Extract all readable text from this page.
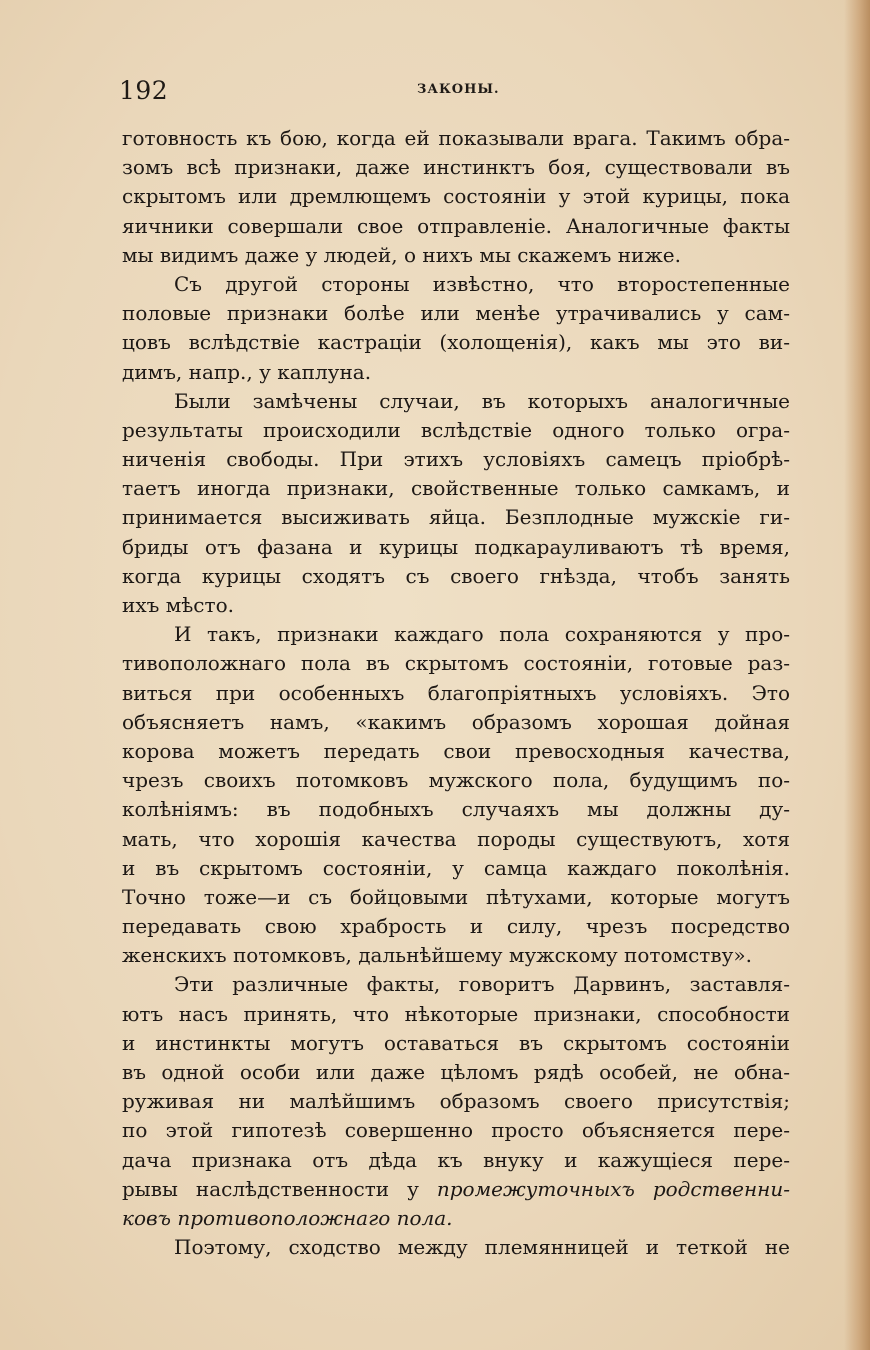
192	ЗАКОНЫ.
готовность къ бою, когда ей показывали врага. Такимъ обра-
зомъ всѣ признаки, даже инстинктъ боя, существовали въ
скрытомъ или дремлющемъ состояніи у этой курицы, пока
яичники совершали свое отправленіе. Аналогичные факты
мы видимъ даже у людей, о нихъ мы скажемъ ниже.
Съ другой стороны извѣстно, что второстепенные
половые признаки болѣе или менѣе утрачивались у сам-
цовъ вслѣдствіе кастраціи (холощенія), какъ мы это ви-
димъ, напр., у каплуна.
Были замѣчены случаи, въ которыхъ аналогичные
результаты происходили вслѣдствіе одного только огра-
ниченія свободы. При этихъ условіяхъ самецъ пріобрѣ-
таетъ иногда признаки, свойственные только самкамъ, и
принимается высиживать яйца. Безплодные мужскіе ги-
бриды отъ фазана и курицы подкарауливаютъ тѣ время,
когда курицы сходятъ съ своего гнѣзда, чтобъ занять
ихъ мѣсто.
И такъ, признаки каждаго пола сохраняются у про-
тивоположнаго пола въ скрытомъ состояніи, готовые раз-
виться при особенныхъ благопріятныхъ условіяхъ. Это
объясняетъ намъ, «какимъ образомъ хорошая дойная
корова можетъ передать свои превосходныя качества,
чрезъ своихъ потомковъ мужского пола, будущимъ по-
колѣніямъ: въ подобныхъ случаяхъ мы должны ду-
мать, что хорошія качества породы существуютъ, хотя
и въ скрытомъ состояніи, у самца каждаго поколѣнія.
Точно тоже—и съ бойцовыми пѣтухами, которые могутъ
передавать свою храбрость и силу, чрезъ посредство
женскихъ потомковъ, дальнѣйшему мужскому потомству».
Эти различные факты, говоритъ Дарвинъ, заставля-
ютъ насъ принять, что нѣкоторые признаки, способности
и инстинкты могутъ оставаться въ скрытомъ состояніи
въ одной особи или даже цѣломъ рядѣ особей, не обна-
руживая ни малѣйшимъ образомъ своего присутствія;
по этой гипотезѣ совершенно просто объясняется пере-
дача признака отъ дѣда къ внуку и кажущіеся пере-
рывы наслѣдственности у промежуточныхъ родственни-
ковъ противоположнаго пола.
Поэтому, сходство между племянницей и теткой не
